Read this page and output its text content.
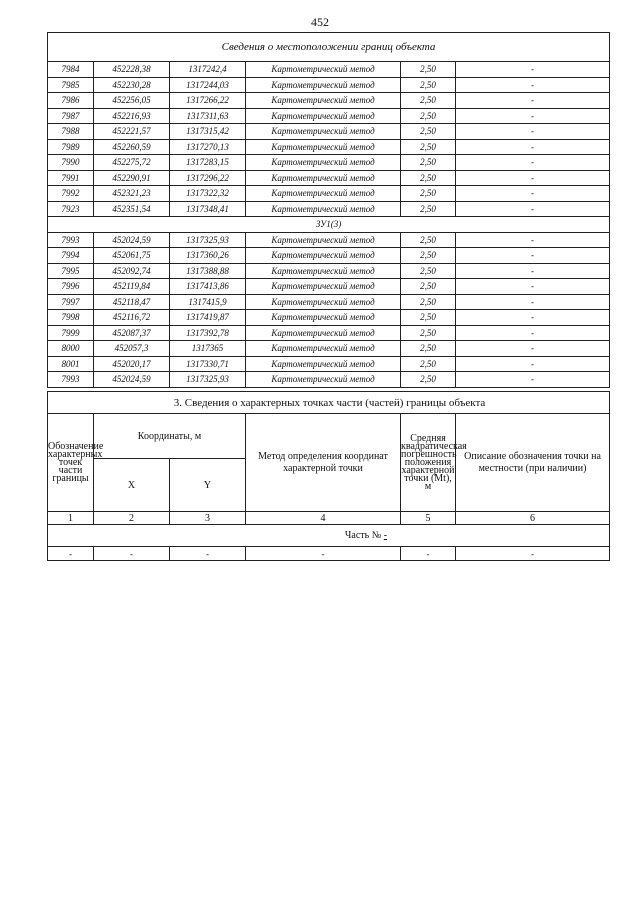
452
Сведения о местоположении границ объекта					
7984	452228,38	1317242,4	Картометрический метод	2,50	-
7985	452230,28	1317244,03	Картометрический метод	2,50	-
7986	452256,05	1317266,22	Картометрический метод	2,50	-
7987	452216,93	1317311,63	Картометрический метод	2,50	-
7988	452221,57	1317315,42	Картометрический метод	2,50	-
7989	452260,59	1317270,13	Картометрический метод	2,50	-
7990	452275,72	1317283,15	Картометрический метод	2,50	-
7991	452290,91	1317296,22	Картометрический метод	2,50	-
7992	452321,23	1317322,32	Картометрический метод	2,50	-
7923	452351,54	1317348,41	Картометрический метод	2,50	-
ЗУ1(3)					
7993	452024,59	1317325,93	Картометрический метод	2,50	-
7994	452061,75	1317360,26	Картометрический метод	2,50	-
7995	452092,74	1317388,88	Картометрический метод	2,50	-
7996	452119,84	1317413,86	Картометрический метод	2,50	-
7997	452118,47	1317415,9	Картометрический метод	2,50	-
7998	452116,72	1317419,87	Картометрический метод	2,50	-
7999	452087,37	1317392,78	Картометрический метод	2,50	-
8000	452057,3	1317365	Картометрический метод	2,50	-
8001	452020,17	1317330,71	Картометрический метод	2,50	-
7993	452024,59	1317325,93	Картометрический метод	2,50	-
3. Сведения о характерных точках части (частей) границы объекта					
Обозначение характерных точек части границы	Координаты, м		Метод определения координат характерной точки	Средняя квадратическая погрешность положения характерной точки (Mt), м	Описание обозначения точки на местности (при наличии)
	X	Y			
1	2	3	4	5	6
Часть № -					
-	-	-	-	-	-
